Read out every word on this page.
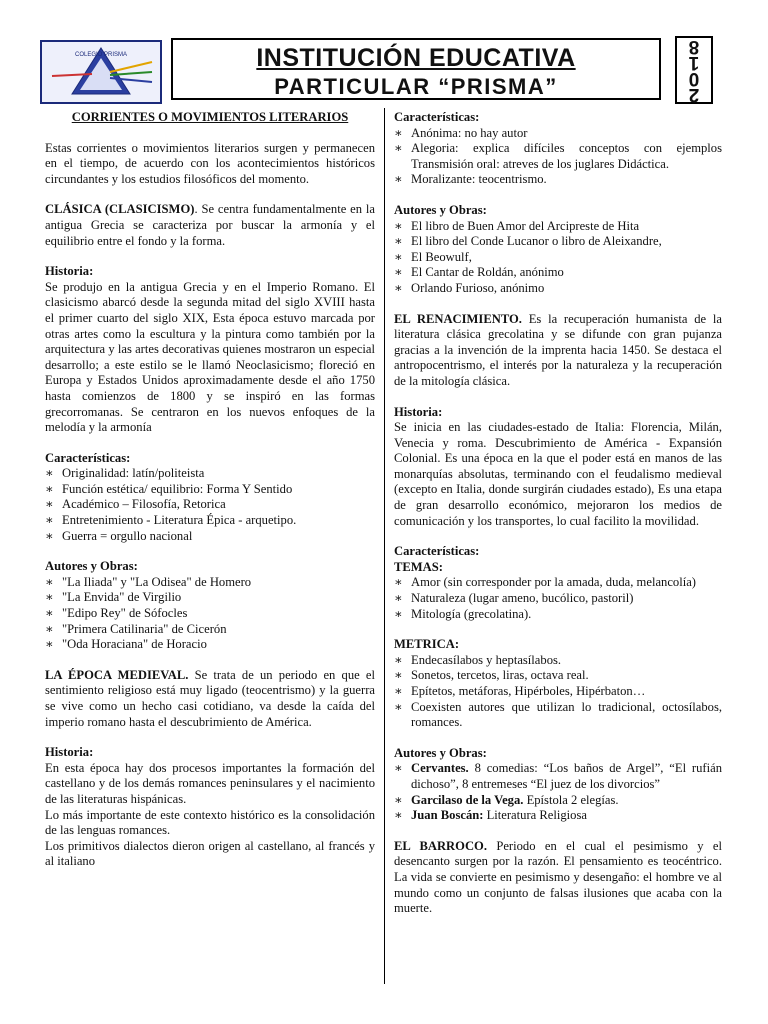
COLEGIO PRISMA	INSTITUCIÓN EDUCATIVA
PARTICULAR “PRISMA”
8
1
0
2
CORRIENTES O MOVIMIENTOS LITERARIOS

Estas corrientes o movimientos literarios surgen y permanecen en el tiempo, de acuerdo con los acontecimientos históricos circundantes y los estudios filosóficos del momento.

CLÁSICA (CLASICISMO). Se centra fundamentalmente en la antigua Grecia se caracteriza por buscar la armonía y el equilibrio entre el fondo y la forma.

Historia:

Se produjo en la antigua Grecia y en el Imperio Romano. El clasicismo abarcó desde la segunda mitad del siglo XVIII hasta el primer cuarto del siglo XIX, Esta época estuvo marcada por otras artes como la escultura y la pintura como también por la arquitectura y las artes decorativas quienes mostraron un especial desarrollo; a este estilo se le llamó Neoclasicismo; floreció en Europa y Estados Unidos aproximadamente desde el año 1750 hasta comienzos de 1800 y se inspiró en las formas grecorromanas. Se centraron en los nuevos enfoques de la melodía y la armonía

Características:

∗ Originalidad: latín/politeista
∗ Función estética/ equilibrio: Forma Y Sentido
∗ Académico – Filosofía, Retorica
∗ Entretenimiento - Literatura Épica - arquetipo.
∗ Guerra = orgullo nacional

Autores y Obras:

∗ "La Iliada" y "La Odisea" de Homero
∗ "La Envida" de Virgilio
∗ "Edipo Rey" de Sófocles
∗ "Primera Catilinaria" de Cicerón
∗ "Oda Horaciana" de Horacio

LA ÉPOCA MEDIEVAL. Se trata de un periodo en que el sentimiento religioso está muy ligado (teocentrismo) y la guerra se vive como un hecho casi cotidiano, va desde la caída del imperio romano hasta el descubrimiento de América.

Historia:

En esta época hay dos procesos importantes la formación del castellano y de los demás romances peninsulares y el nacimiento de las literaturas hispánicas.

Lo más importante de este contexto histórico es la consolidación de las lenguas romances.

Los primitivos dialectos dieron origen al castellano, al francés y al italiano

Características:

∗ Anónima: no hay autor
∗ Alegoria: explica difíciles conceptos con ejemplos Transmisión oral: atreves de los juglares Didáctica.
∗ Moralizante: teocentrismo.

Autores y Obras:

∗ El libro de Buen Amor del Arcipreste de Hita
∗ El libro del Conde Lucanor o libro de Aleixandre,
∗ El Beowulf,
∗ El Cantar de Roldán, anónimo
∗ Orlando Furioso, anónimo

EL RENACIMIENTO. Es la recuperación humanista de la literatura clásica grecolatina y se difunde con gran pujanza gracias a la invención de la imprenta hacia 1450. Se destaca el antropocentrismo, el interés por la naturaleza y la recuperación de la mitología clásica.

Historia:

Se inicia en las ciudades-estado de Italia: Florencia, Milán, Venecia y roma. Descubrimiento de América - Expansión Colonial. Es una época en la que el poder está en manos de las monarquías absolutas, terminando con el feudalismo medieval (excepto en Italia, donde surgirán ciudades estado), Es una etapa de gran desarrollo económico, mejoraron los medios de comunicación y los transportes, lo cual facilito la movilidad.

Características:

TEMAS:

∗ Amor (sin corresponder por la amada, duda, melancolía)
∗ Naturaleza (lugar ameno, bucólico, pastoril)
∗ Mitología (grecolatina).

METRICA:

∗ Endecasílabos y heptasílabos.
∗ Sonetos, tercetos, liras, octava real.
∗ Epítetos, metáforas, Hipérboles, Hipérbaton…
∗ Coexisten autores que utilizan lo tradicional, octosílabos, romances.

Autores y Obras:

∗ Cervantes. 8 comedias: “Los baños de Argel”, “El rufián dichoso”, 8 entremeses “El juez de los divorcios”
∗ Garcilaso de la Vega. Epístola 2 elegías.
∗ Juan Boscán: Literatura Religiosa

EL BARROCO. Periodo en el cual el pesimismo y el desencanto surgen por la razón. El pensamiento es teocéntrico. La vida se convierte en pesimismo y desengaño: el hombre ve al mundo como un conjunto de falsas ilusiones que acaba con la muerte.
